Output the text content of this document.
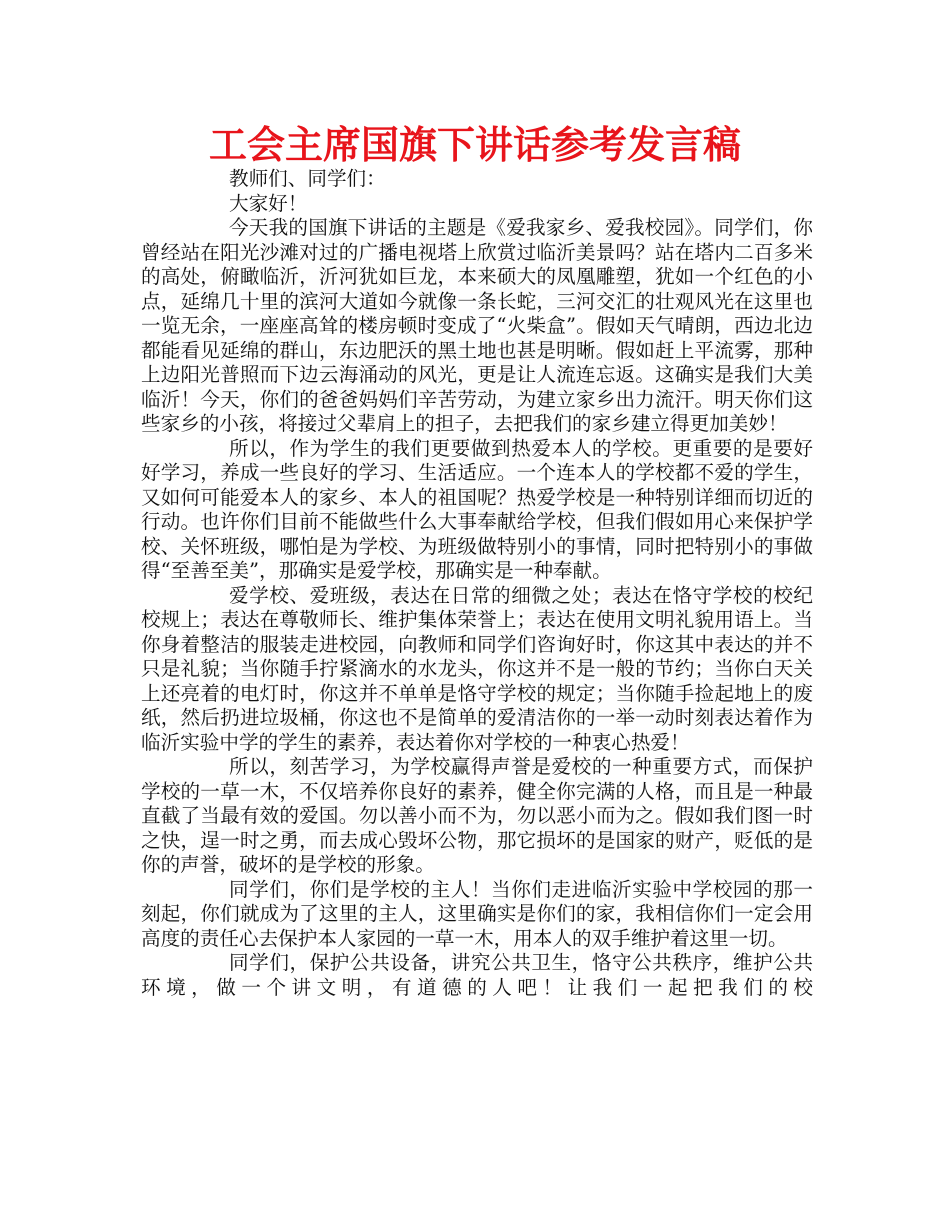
工会主席国旗下讲话参考发言稿

教师们、同学们：

大家好！

今天我的国旗下讲话的主题是《爱我家乡、爱我校园》。同学们，你曾经站在阳光沙滩对过的广播电视塔上欣赏过临沂美景吗？站在塔内二百多米的高处，俯瞰临沂，沂河犹如巨龙，本来硕大的凤凰雕塑，犹如一个红色的小点，延绵几十里的滨河大道如今就像一条长蛇，三河交汇的壮观风光在这里也一览无余，一座座高耸的楼房顿时变成了“火柴盒”。假如天气晴朗，西边北边都能看见延绵的群山，东边肥沃的黑土地也甚是明晰。假如赶上平流雾，那种上边阳光普照而下边云海涌动的风光，更是让人流连忘返。这确实是我们大美临沂！今天，你们的爸爸妈妈们辛苦劳动，为建立家乡出力流汗。明天你们这些家乡的小孩，将接过父辈肩上的担子，去把我们的家乡建立得更加美妙！

所以，作为学生的我们更要做到热爱本人的学校。更重要的是要好好学习，养成一些良好的学习、生活适应。一个连本人的学校都不爱的学生，又如何可能爱本人的家乡、本人的祖国呢？热爱学校是一种特别详细而切近的行动。也许你们目前不能做些什么大事奉献给学校，但我们假如用心来保护学校、关怀班级，哪怕是为学校、为班级做特别小的事情，同时把特别小的事做得“至善至美”，那确实是爱学校，那确实是一种奉献。

爱学校、爱班级，表达在日常的细微之处；表达在恪守学校的校纪校规上；表达在尊敬师长、维护集体荣誉上；表达在使用文明礼貌用语上。当你身着整洁的服装走进校园，向教师和同学们咨询好时，你这其中表达的并不只是礼貌；当你随手拧紧滴水的水龙头，你这并不是一般的节约；当你白天关上还亮着的电灯时，你这并不单单是恪守学校的规定；当你随手捡起地上的废纸，然后扔进垃圾桶，你这也不是简单的爱清洁你的一举一动时刻表达着作为临沂实验中学的学生的素养，表达着你对学校的一种衷心热爱！

所以，刻苦学习，为学校赢得声誉是爱校的一种重要方式，而保护学校的一草一木，不仅培养你良好的素养，健全你完满的人格，而且是一种最直截了当最有效的爱国。勿以善小而不为，勿以恶小而为之。假如我们图一时之快，逞一时之勇，而去成心毁坏公物，那它损坏的是国家的财产，贬低的是你的声誉，破坏的是学校的形象。

同学们，你们是学校的主人！当你们走进临沂实验中学校园的那一刻起，你们就成为了这里的主人，这里确实是你们的家，我相信你们一定会用高度的责任心去保护本人家园的一草一木，用本人的双手维护着这里一切。

同学们，保护公共设备，讲究公共卫生，恪守公共秩序，维护公共环境，做一个讲文明，有道德的人吧！让我们一起把我们的校
